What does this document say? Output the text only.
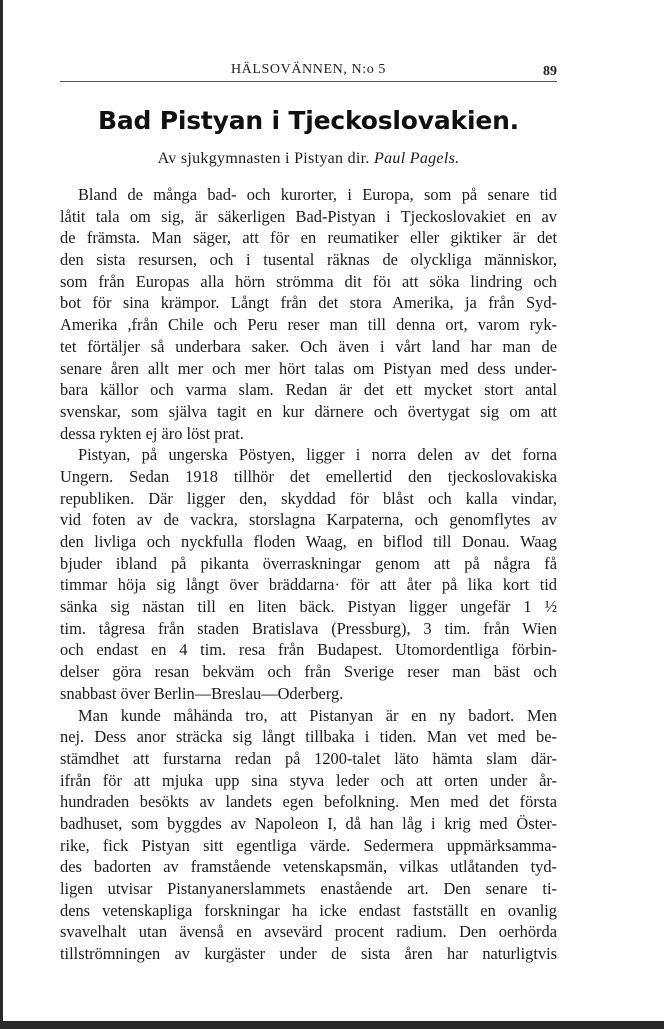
HÄLSOVÄNNEN, N:o 5	89
Bad Pistyan i Tjeckoslovakien.
Av sjukgymnasten i Pistyan dir. Paul Pagels.
Bland de många bad- och kurorter, i Europa, som på senare tid
låtit tala om sig, är säkerligen Bad-Pistyan i Tjeckoslovakiet en av
de främsta. Man säger, att för en reumatiker eller giktiker är det
den sista resursen, och i tusental räknas de olyckliga människor,
som från Europas alla hörn strömma dit föı att söka lindring och
bot för sina krämpor. Långt från det stora Amerika, ja från Syd-
Amerika ,från Chile och Peru reser man till denna ort, varom ryk-
tet förtäljer så underbara saker. Och även i vårt land har man de
senare åren allt mer och mer hört talas om Pistyan med dess under-
bara källor och varma slam. Redan är det ett mycket stort antal
svenskar, som själva tagit en kur därnere och övertygat sig om att
dessa rykten ej äro löst prat.
Pistyan, på ungerska Pöstyen, ligger i norra delen av det forna
Ungern. Sedan 1918 tillhör det emellertid den tjeckoslovakiska
republiken. Där ligger den, skyddad för blåst och kalla vindar,
vid foten av de vackra, storslagna Karpaterna, och genomflytes av
den livliga och nyckfulla floden Waag, en biflod till Donau. Waag
bjuder ibland på pikanta överraskningar genom att på några få
timmar höja sig långt över bräddarna· för att åter på lika kort tid
sänka sig nästan till en liten bäck. Pistyan ligger ungefär 1 ½
tim. tågresa från staden Bratislava (Pressburg), 3 tim. från Wien
och endast en 4 tim. resa från Budapest. Utomordentliga förbin-
delser göra resan bekväm och från Sverige reser man bäst och
snabbast över Berlin—Breslau—Oderberg.
Man kunde måhända tro, att Pistanyan är en ny badort. Men
nej. Dess anor sträcka sig långt tillbaka i tiden. Man vet med be-
stämdhet att furstarna redan på 1200-talet läto hämta slam där-
ifrån för att mjuka upp sina styva leder och att orten under år-
hundraden besökts av landets egen befolkning. Men med det första
badhuset, som byggdes av Napoleon I, då han låg i krig med Öster-
rike, fick Pistyan sitt egentliga värde. Sedermera uppmärksamma-
des badorten av framstående vetenskapsmän, vilkas utlåtanden tyd-
ligen utvisar Pistanyanerslammets enastående art. Den senare ti-
dens vetenskapliga forskningar ha icke endast fastställt en ovanlig
svavelhalt utan ävenså en avsevärd procent radium. Den oerhörda
tillströmningen av kurgäster under de sista åren har naturligtvis
